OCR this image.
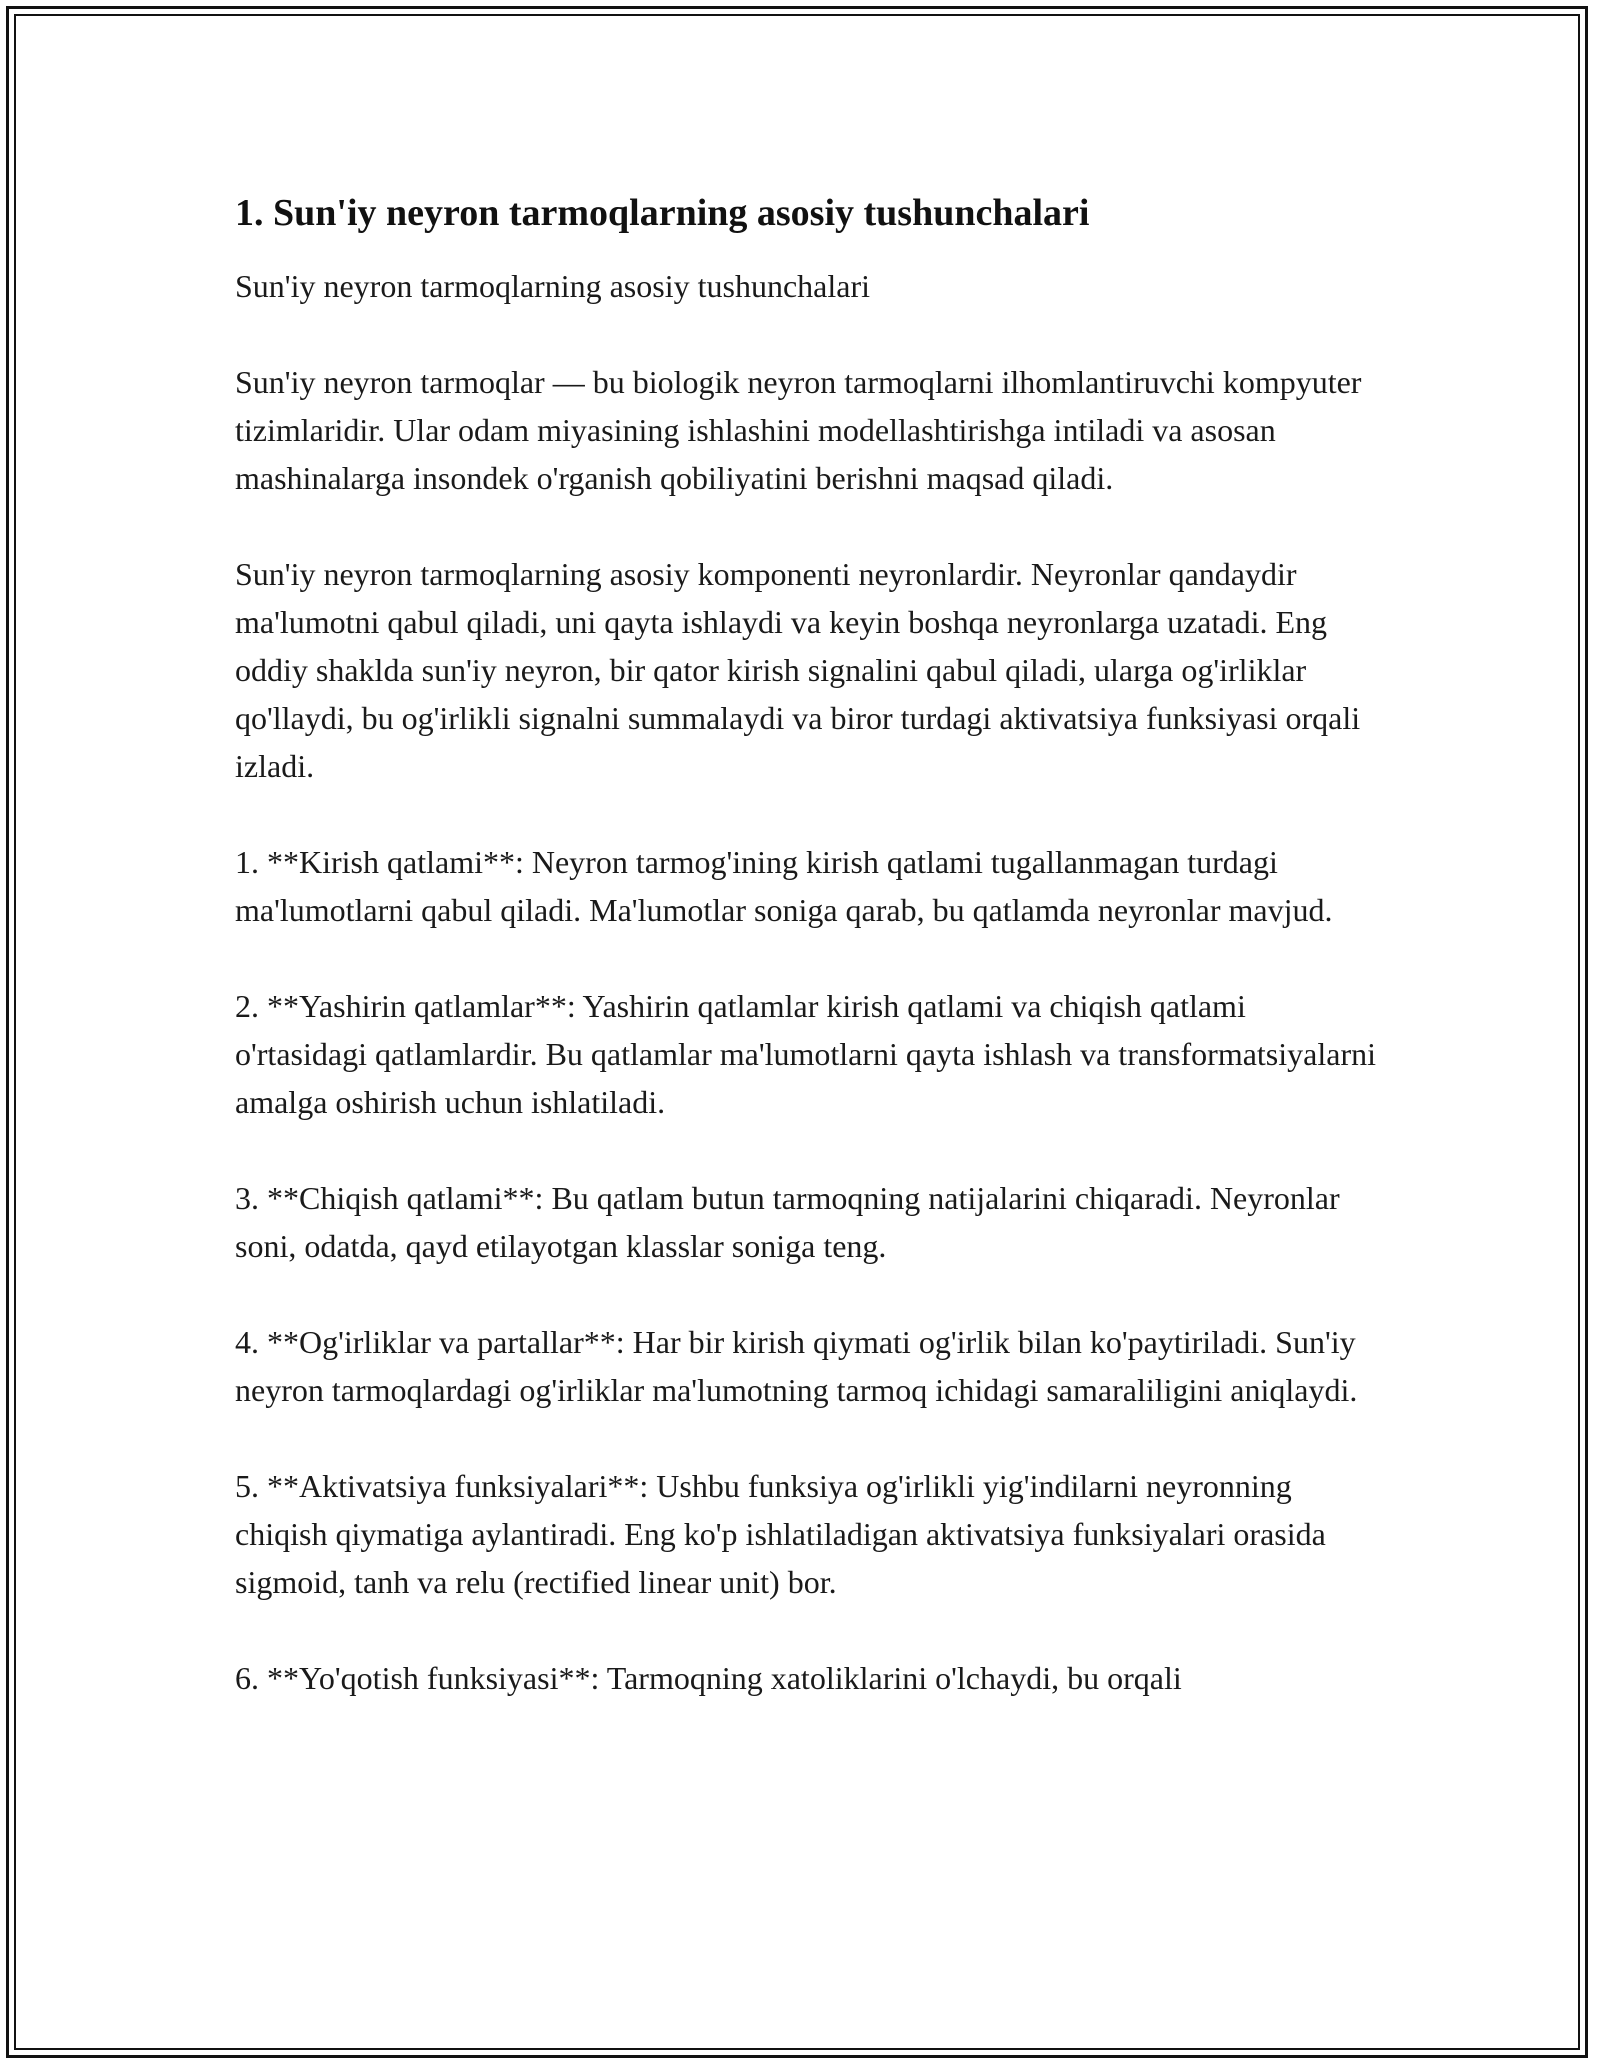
1. Sun'iy neyron tarmoqlarning asosiy tushunchalari
Sun'iy neyron tarmoqlarning asosiy tushunchalari
Sun'iy neyron tarmoqlar — bu biologik neyron tarmoqlarni ilhomlantiruvchi kompyuter tizimlaridir. Ular odam miyasining ishlashini modellashtirishga intiladi va asosan mashinalarga insondek o'rganish qobiliyatini berishni maqsad qiladi.
Sun'iy neyron tarmoqlarning asosiy komponenti neyronlardir. Neyronlar qandaydir ma'lumotni qabul qiladi, uni qayta ishlaydi va keyin boshqa neyronlarga uzatadi. Eng oddiy shaklda sun'iy neyron, bir qator kirish signalini qabul qiladi, ularga og'irliklar qo'llaydi, bu og'irlikli signalni summalaydi va biror turdagi aktivatsiya funksiyasi orqali izladi.
1. **Kirish qatlami**: Neyron tarmog'ining kirish qatlami tugallanmagan turdagi ma'lumotlarni qabul qiladi. Ma'lumotlar soniga qarab, bu qatlamda neyronlar mavjud.
2. **Yashirin qatlamlar**: Yashirin qatlamlar kirish qatlami va chiqish qatlami o'rtasidagi qatlamlardir. Bu qatlamlar ma'lumotlarni qayta ishlash va transformatsiyalarni amalga oshirish uchun ishlatiladi.
3. **Chiqish qatlami**: Bu qatlam butun tarmoqning natijalarini chiqaradi. Neyronlar soni, odatda, qayd etilayotgan klasslar soniga teng.
4. **Og'irliklar va partallar**: Har bir kirish qiymati og'irlik bilan ko'paytiriladi. Sun'iy neyron tarmoqlardagi og'irliklar ma'lumotning tarmoq ichidagi samaraliligini aniqlaydi.
5. **Aktivatsiya funksiyalari**: Ushbu funksiya og'irlikli yig'indilarni neyronning chiqish qiymatiga aylantiradi. Eng ko'p ishlatiladigan aktivatsiya funksiyalari orasida sigmoid, tanh va relu (rectified linear unit) bor.
6. **Yo'qotish funksiyasi**: Tarmoqning xatoliklarini o'lchaydi, bu orqali
